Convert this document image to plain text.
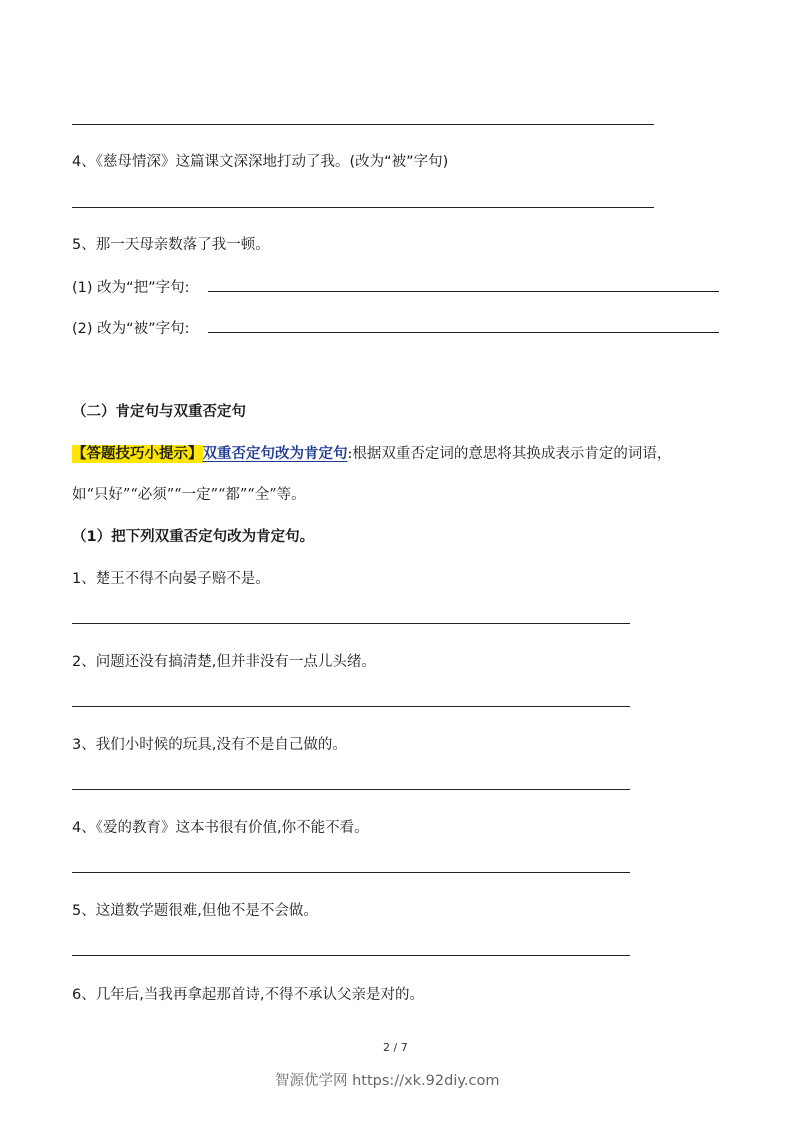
4、《慈母情深》这篇课文深深地打动了我。(改为“被”字句)
5、那一天母亲数落了我一顿。
(1) 改为“把”字句:
(2) 改为“被”字句:
（二）肯定句与双重否定句
【答题技巧小提示】双重否定句改为肯定句:根据双重否定词的意思将其换成表示肯定的词语，
如“只好”“必须”“一定”“都”“全”等。
（1）把下列双重否定句改为肯定句。
1、楚王不得不向晏子赔不是。
2、问题还没有搞清楚,但并非没有一点儿头绪。
3、我们小时候的玩具,没有不是自己做的。
4、《爱的教育》这本书很有价值,你不能不看。
5、这道数学题很难,但他不是不会做。
6、几年后,当我再拿起那首诗,不得不承认父亲是对的。
2 / 7
智源优学网 https://xk.92diy.com
